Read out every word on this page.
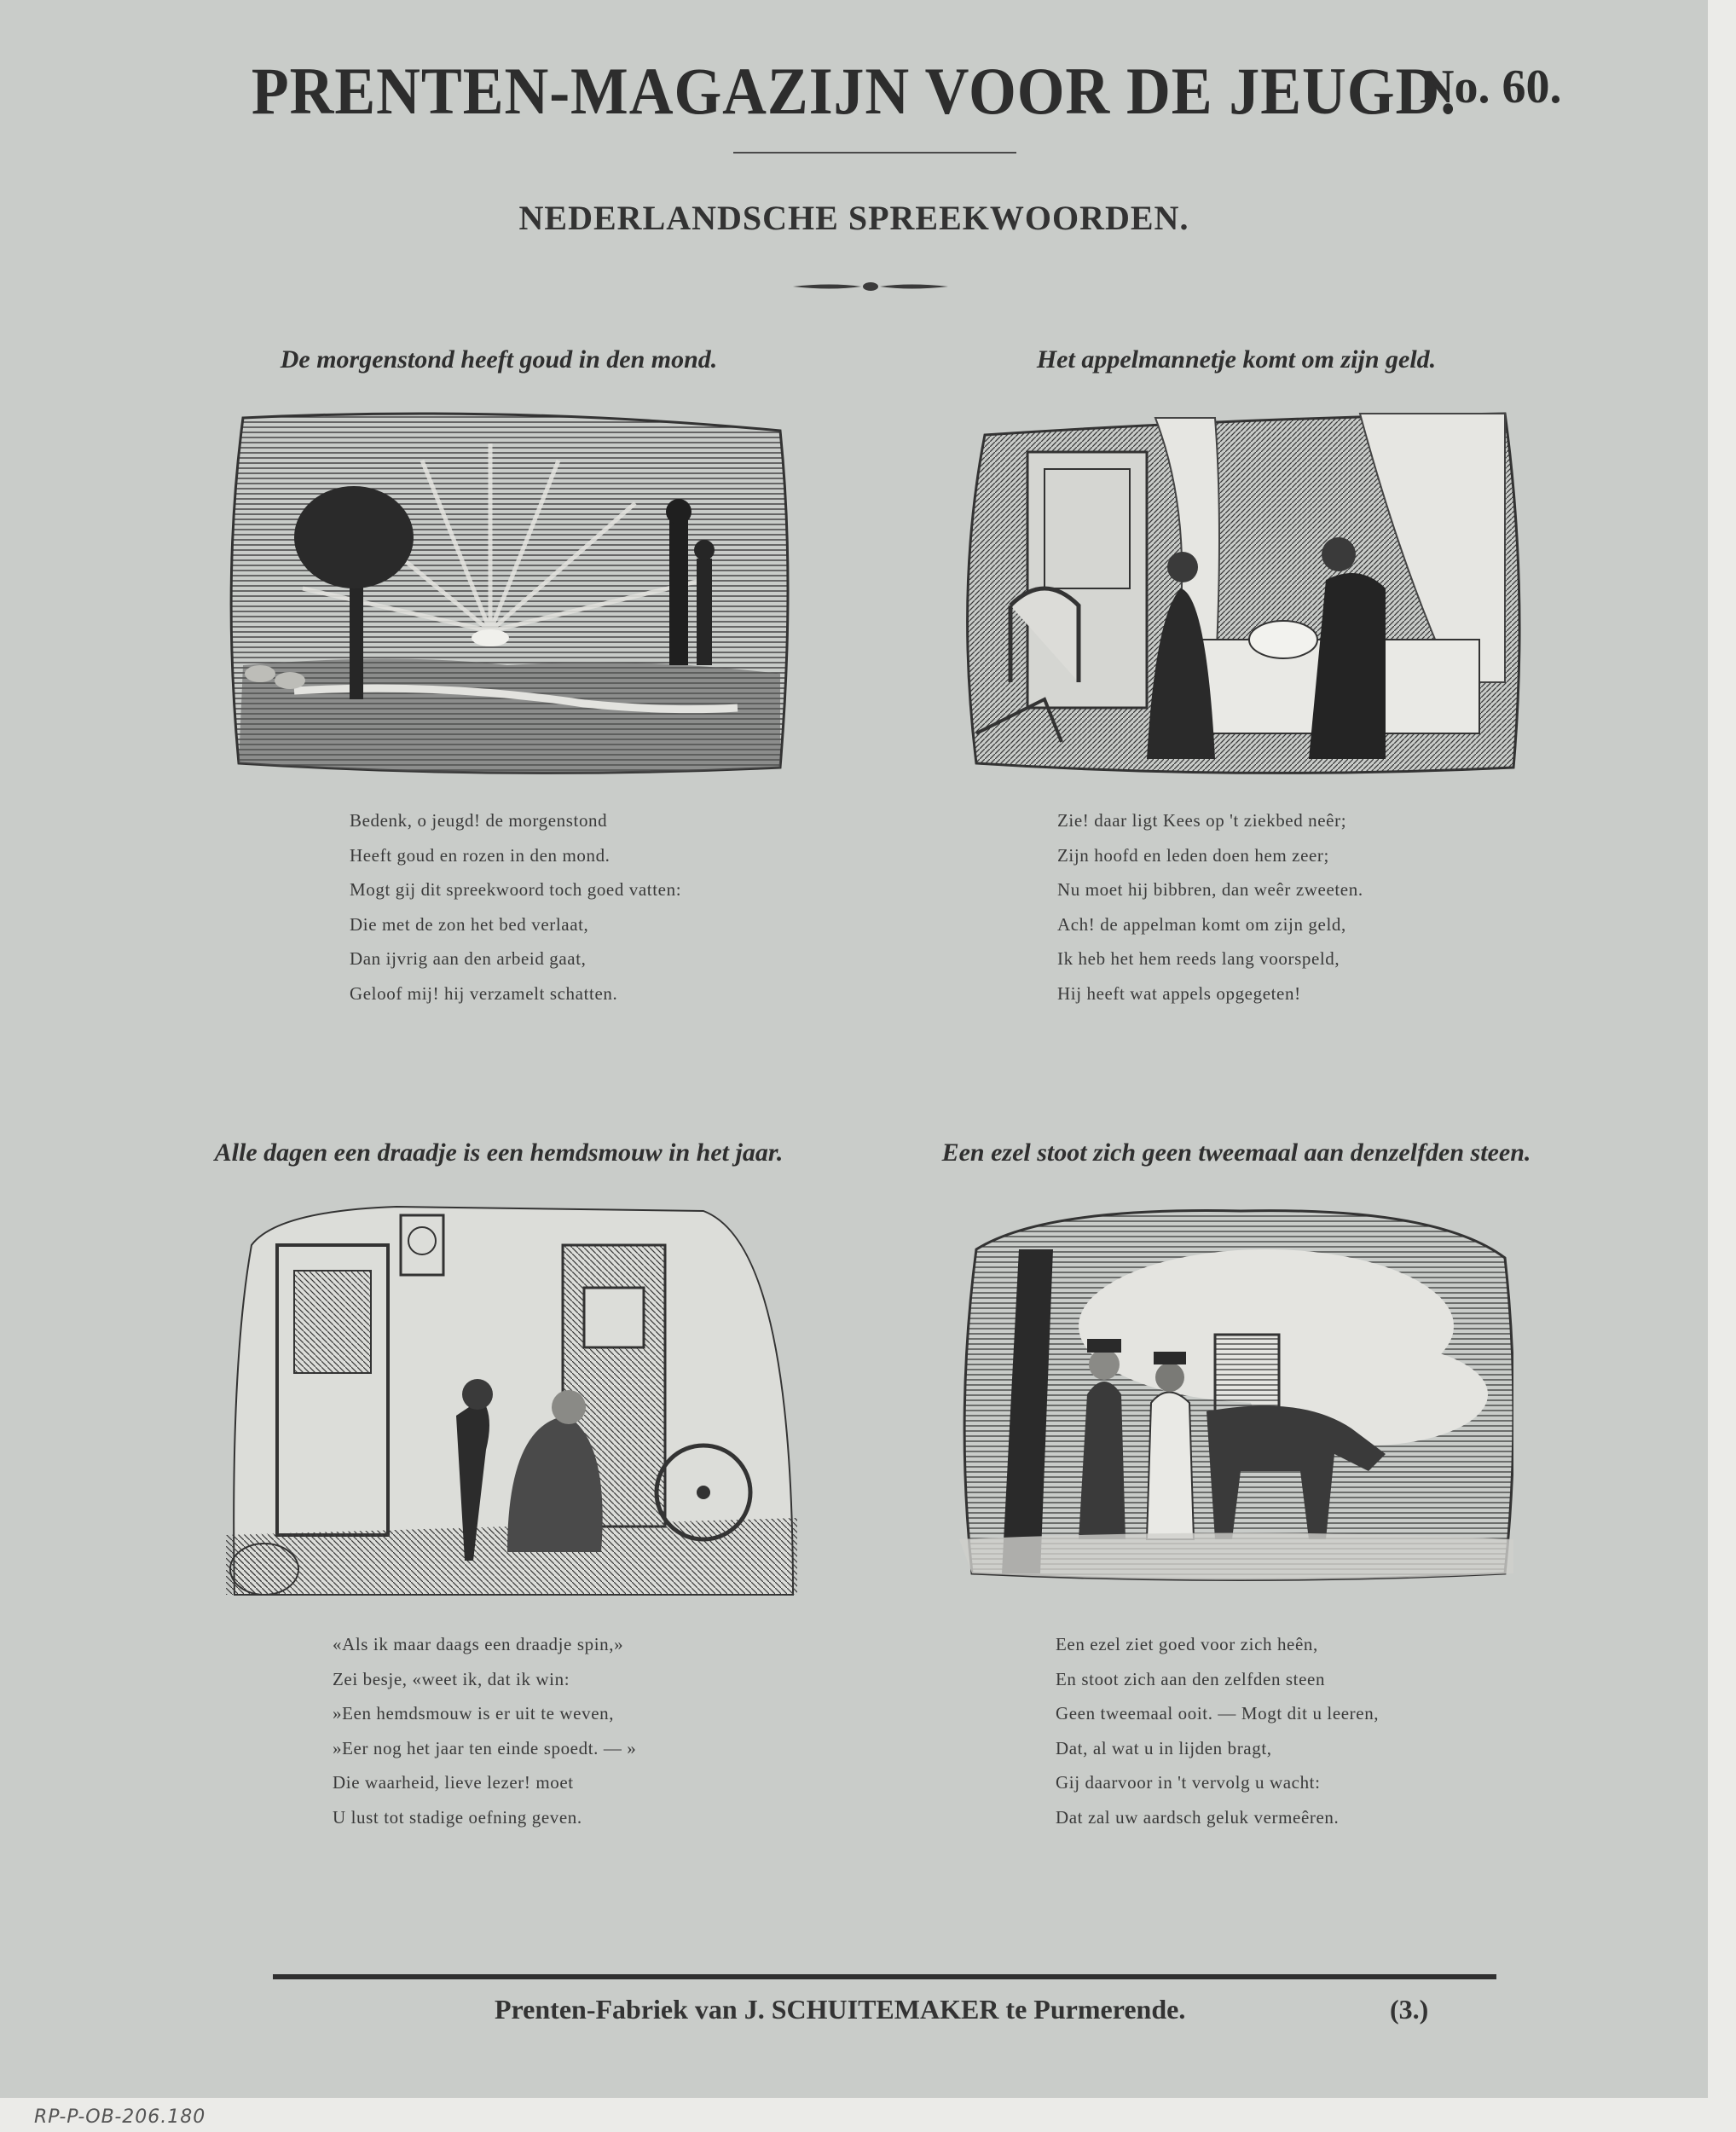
PRENTEN-MAGAZIJN VOOR DE JEUGD.
No. 60.
NEDERLANDSCHE SPREEKWOORDEN.
De morgenstond heeft goud in den mond.
Bedenk, o jeugd! de morgenstond
Heeft goud en rozen in den mond.
Mogt gij dit spreekwoord toch goed vatten:
Die met de zon het bed verlaat,
Dan ijvrig aan den arbeid gaat,
Geloof mij! hij verzamelt schatten.
Het appelmannetje komt om zijn geld.
Zie! daar ligt Kees op 't ziekbed neêr;
Zijn hoofd en leden doen hem zeer;
Nu moet hij bibbren, dan weêr zweeten.
Ach! de appelman komt om zijn geld,
Ik heb het hem reeds lang voorspeld,
Hij heeft wat appels opgegeten!
Alle dagen een draadje is een hemdsmouw in het jaar.
«Als ik maar daags een draadje spin,»
Zei besje, «weet ik, dat ik win:
»Een hemdsmouw is er uit te weven,
»Eer nog het jaar ten einde spoedt. — »
Die waarheid, lieve lezer! moet
U lust tot stadige oefning geven.
Een ezel stoot zich geen tweemaal aan denzelfden steen.
Een ezel ziet goed voor zich heên,
En stoot zich aan den zelfden steen
Geen tweemaal ooit. — Mogt dit u leeren,
Dat, al wat u in lijden bragt,
Gij daarvoor in 't vervolg u wacht:
Dat zal uw aardsch geluk vermeêren.
Prenten-Fabriek van J. SCHUITEMAKER te Purmerende.	(3.)
RP-P-OB-206.180
